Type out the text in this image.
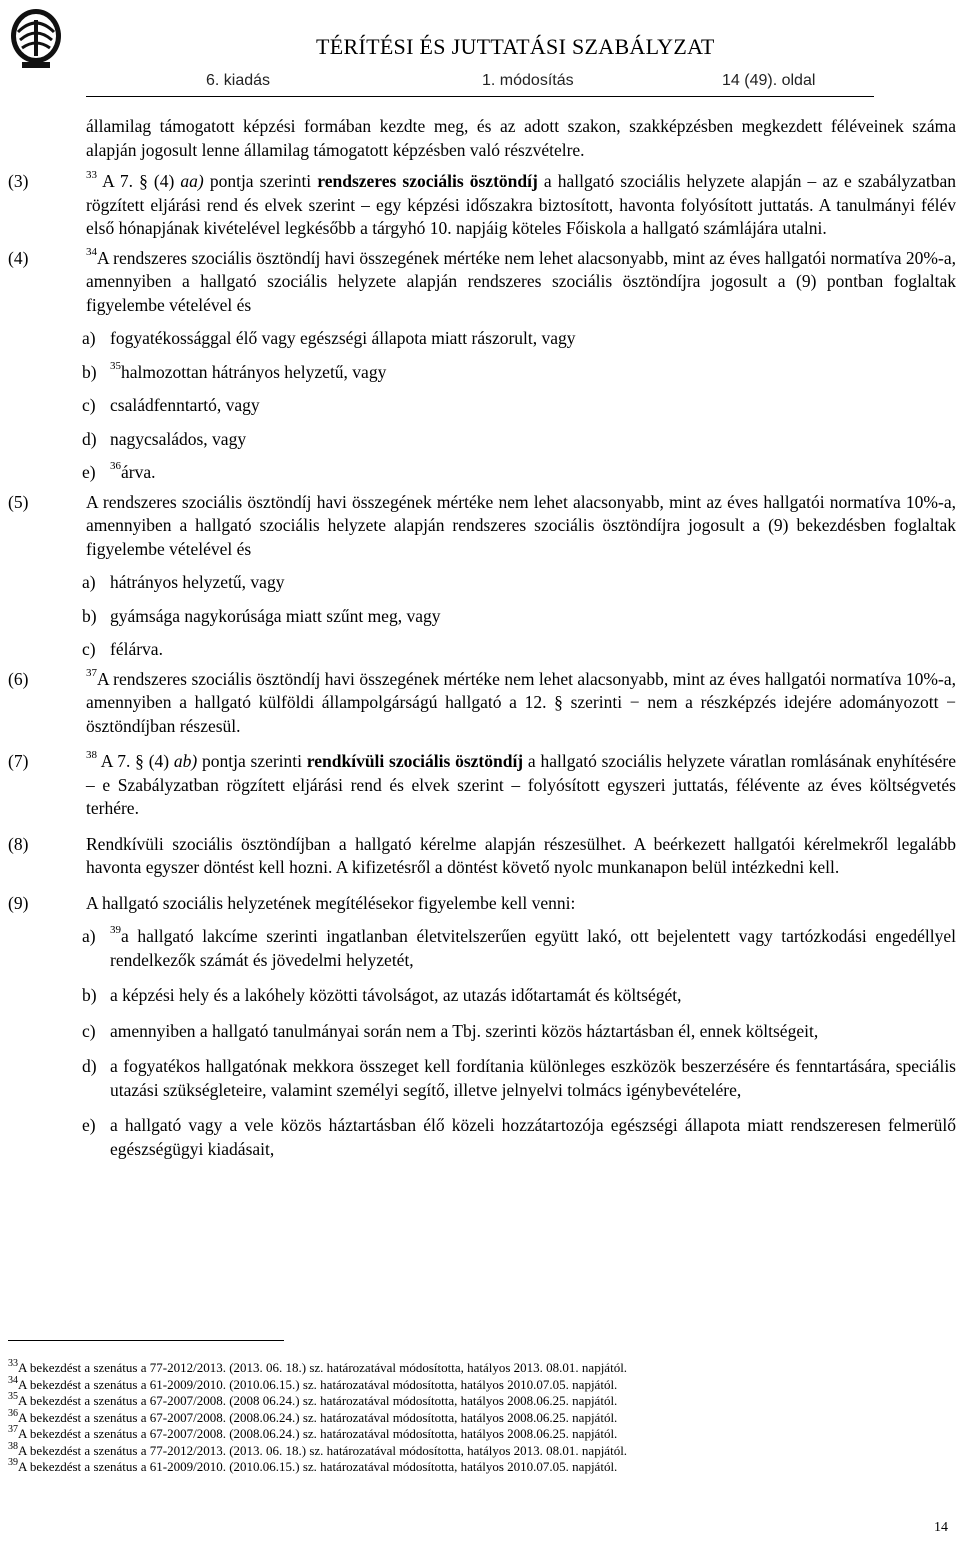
TÉRÍTÉSI ÉS JUTTATÁSI SZABÁLYZAT
6. kiadás	1. módosítás	14 (49). oldal
államilag támogatott képzési formában kezdte meg, és az adott szakon, szakképzésben megkezdett féléveinek száma alapján jogosult lenne államilag támogatott képzésben való részvételre.
(3)	$^{33}$ A 7. § (4) aa) pontja szerinti rendszeres szociális ösztöndíj a hallgató szociális helyzete alapján – az e szabályzatban rögzített eljárási rend és elvek szerint – egy képzési időszakra biztosított, havonta folyósított juttatás. A tanulmányi félév első hónapjának kivételével legkésőbb a tárgyhó 10. napjáig köteles Főiskola a hallgató számlájára utalni.
(4)	$^{34}$A rendszeres szociális ösztöndíj havi összegének mértéke nem lehet alacsonyabb, mint az éves hallgatói normatíva 20%-a, amennyiben a hallgató szociális helyzete alapján rendszeres szociális ösztöndíjra jogosult a (9) pontban foglaltak figyelembe vételével és
a) fogyatékossággal élő vagy egészségi állapota miatt rászorult, vagy
b)	$^{35}$halmozottan hátrányos helyzetű, vagy
c) családfenntartó, vagy
d) nagycsaládos, vagy
e)	$^{36}$árva.
(5)	A rendszeres szociális ösztöndíj havi összegének mértéke nem lehet alacsonyabb, mint az éves hallgatói normatíva 10%-a, amennyiben a hallgató szociális helyzete alapján rendszeres szociális ösztöndíjra jogosult a (9) bekezdésben foglaltak figyelembe vételével és
a) hátrányos helyzetű, vagy
b) gyámsága nagykorúsága miatt szűnt meg, vagy
c) félárva.
(6)	$^{37}$A rendszeres szociális ösztöndíj havi összegének mértéke nem lehet alacsonyabb, mint az éves hallgatói normatíva 10%-a, amennyiben a hallgató külföldi állampolgárságú hallgató a 12. § szerinti − nem a részképzés idejére adományozott − ösztöndíjban részesül.
(7)	$^{38}$ A 7. § (4) ab) pontja szerinti rendkívüli szociális ösztöndíj a hallgató szociális helyzete váratlan romlásának enyhítésére – e Szabályzatban rögzített eljárási rend és elvek szerint – folyósított egyszeri juttatás, félévente az éves költségvetés terhére.
(8)	Rendkívüli szociális ösztöndíjban a hallgató kérelme alapján részesülhet. A beérkezett hallgatói kérelmekről legalább havonta egyszer döntést kell hozni. A kifizetésről a döntést követő nyolc munkanapon belül intézkedni kell.
(9)	A hallgató szociális helyzetének megítélésekor figyelembe kell venni:
a)	$^{39}$a hallgató lakcíme szerinti ingatlanban életvitelszerűen együtt lakó, ott bejelentett vagy tartózkodási engedéllyel rendelkezők számát és jövedelmi helyzetét,
b) a képzési hely és a lakóhely közötti távolságot, az utazás időtartamát és költségét,
c) amennyiben a hallgató tanulmányai során nem a Tbj. szerinti közös háztartásban él, ennek költségeit,
d) a fogyatékos hallgatónak mekkora összeget kell fordítania különleges eszközök beszerzésére és fenntartására, speciális utazási szükségleteire, valamint személyi segítő, illetve jelnyelvi tolmács igénybevételére,
e) a hallgató vagy a vele közös háztartásban élő közeli hozzátartozója egészségi állapota miatt rendszeresen felmerülő egészségügyi kiadásait,
$^{33}$A bekezdést a szenátus a 77-2012/2013. (2013. 06. 18.) sz. határozatával módosította, hatályos 2013. 08.01. napjától.
$^{34}$A bekezdést a szenátus a 61-2009/2010. (2010.06.15.) sz. határozatával módosította, hatályos 2010.07.05. napjától.
$^{35}$A bekezdést a szenátus a 67-2007/2008. (2008 06.24.) sz. határozatával módosította, hatályos 2008.06.25. napjától.
$^{36}$A bekezdést a szenátus a 67-2007/2008. (2008.06.24.) sz. határozatával módosította, hatályos 2008.06.25. napjától.
$^{37}$A bekezdést a szenátus a 67-2007/2008. (2008.06.24.) sz. határozatával módosította, hatályos 2008.06.25. napjától.
$^{38}$A bekezdést a szenátus a 77-2012/2013. (2013. 06. 18.) sz. határozatával módosította, hatályos 2013. 08.01. napjától.
$^{39}$A bekezdést a szenátus a 61-2009/2010. (2010.06.15.) sz. határozatával módosította, hatályos 2010.07.05. napjától.
14
